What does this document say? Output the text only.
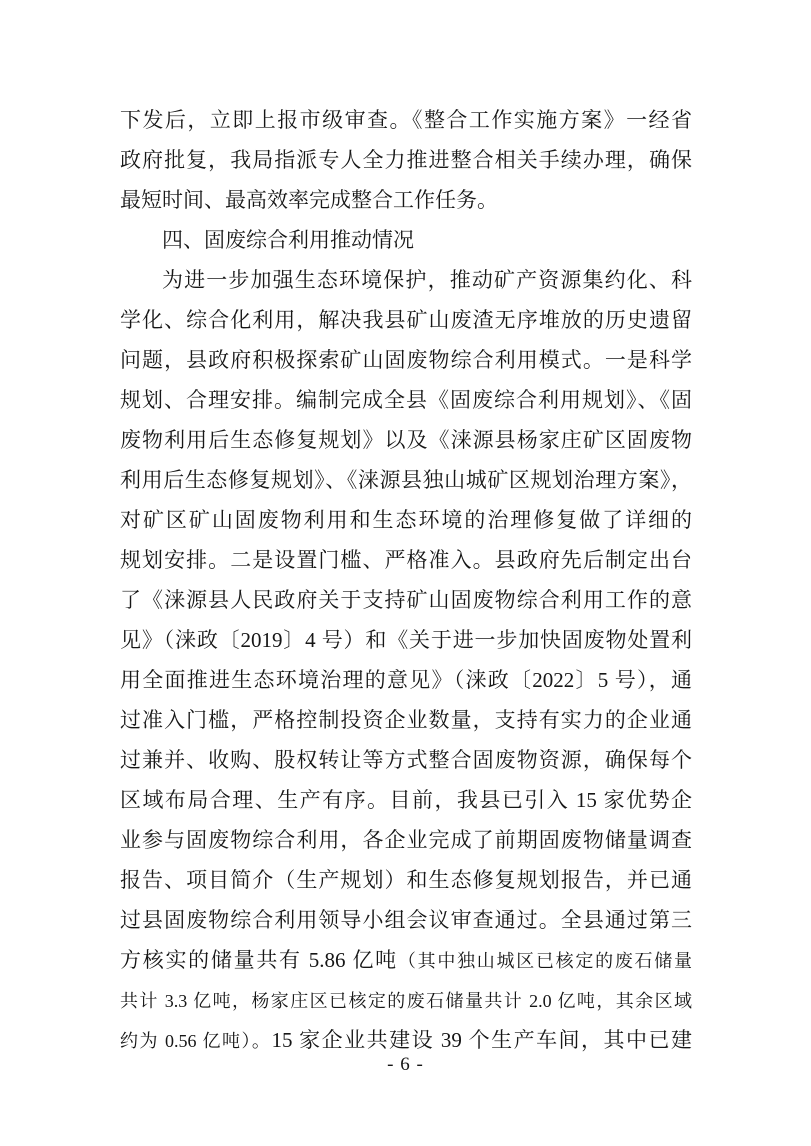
下发后，立即上报市级审查。《整合工作实施方案》一经省
政府批复，我局指派专人全力推进整合相关手续办理，确保
最短时间、最高效率完成整合工作任务。
四、固废综合利用推动情况
为进一步加强生态环境保护，推动矿产资源集约化、科
学化、综合化利用，解决我县矿山废渣无序堆放的历史遗留
问题，县政府积极探索矿山固废物综合利用模式。一是科学
规划、合理安排。编制完成全县《固废综合利用规划》、《固
废物利用后生态修复规划》以及《涞源县杨家庄矿区固废物
利用后生态修复规划》、《涞源县独山城矿区规划治理方案》，
对矿区矿山固废物利用和生态环境的治理修复做了详细的
规划安排。二是设置门槛、严格准入。县政府先后制定出台
了《涞源县人民政府关于支持矿山固废物综合利用工作的意
见》（涞政〔2019〕4 号）和《关于进一步加快固废物处置利
用全面推进生态环境治理的意见》（涞政〔2022〕5 号），通
过准入门槛，严格控制投资企业数量，支持有实力的企业通
过兼并、收购、股权转让等方式整合固废物资源，确保每个
区域布局合理、生产有序。目前，我县已引入 15 家优势企
业参与固废物综合利用，各企业完成了前期固废物储量调查
报告、项目简介（生产规划）和生态修复规划报告，并已通
过县固废物综合利用领导小组会议审查通过。全县通过第三
方核实的储量共有 5.86 亿吨（其中独山城区已核定的废石储量
共计 3.3 亿吨，杨家庄区已核定的废石储量共计 2.0 亿吨，其余区域
约为 0.56 亿吨）。15 家企业共建设 39 个生产车间，其中已建
- 6 -
